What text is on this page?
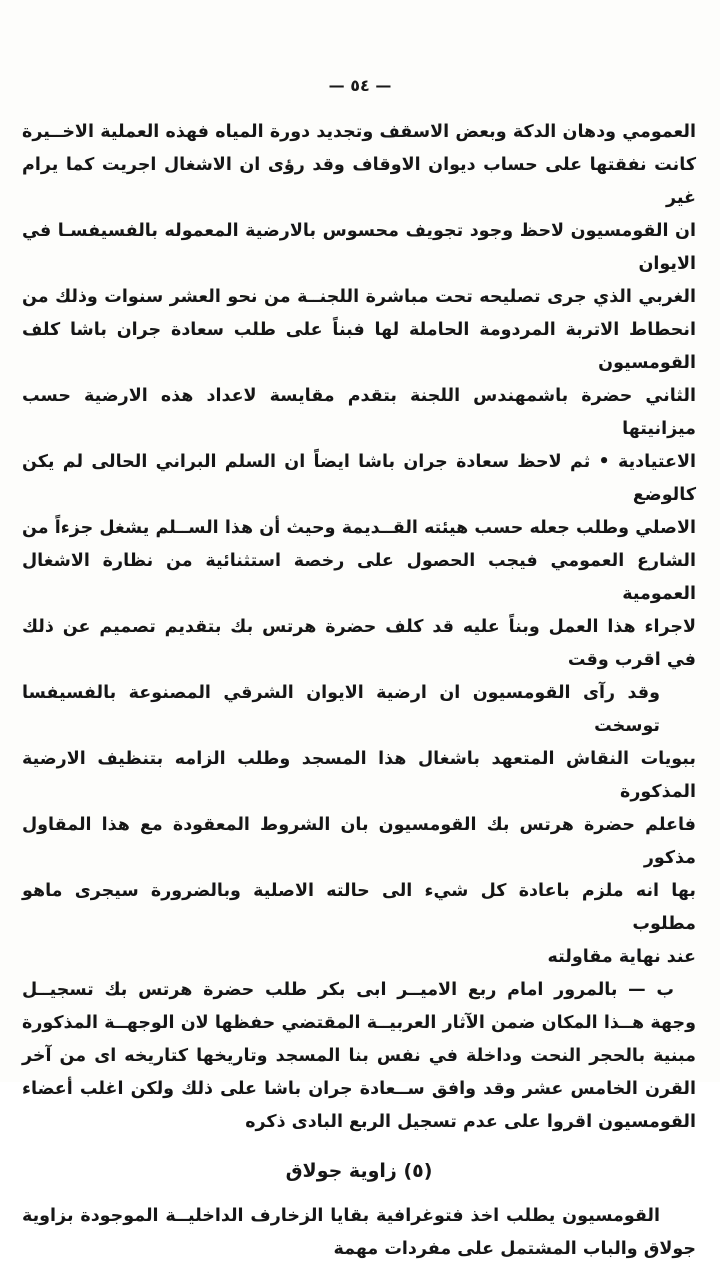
— ٥٤ —
العمومي ودهان الدكة وبعض الاسقف وتجديد دورة المياه فهذه العملية الاخــيرة
كانت نفقتها على حساب ديوان الاوقاف وقد رؤى ان الاشغال اجريت كما يرام غير
ان القومسيون لاحظ وجود تجويف محسوس بالارضية المعموله بالفسيفسـا في الايوان
الغربي الذي جرى تصليحه تحت مباشرة اللجنــة من نحو العشر سنوات وذلك من
انحطاط الاتربة المردومة الحاملة لها فبناً على طلب سعادة جران باشا كلف القومسيون
الثاني حضرة باشمهندس اللجنة بتقدم مقايسة لاعداد هذه الارضية حسب ميزانيتها
الاعتيادية • ثم لاحظ سعادة جران باشا ايضاً ان السلم البراني الحالى لم يكن كالوضع
الاصلي وطلب جعله حسب هيئته القــديمة وحيث أن هذا الســلم يشغل جزءاً من
الشارع العمومي فيجب الحصول على رخصة استثنائية من نظارة الاشغال العمومية
لاجراء هذا العمل وبناً عليه قد كلف حضرة هرتس بك بتقديم تصميم عن ذلك
في اقرب وقت
وقد رآى القومسيون ان ارضية الايوان الشرقي المصنوعة بالفسيفسا توسخت
ببويات النقاش المتعهد باشغال هذا المسجد وطلب الزامه بتنظيف الارضية المذكورة
فاعلم حضرة هرتس بك القومسيون بان الشروط المعقودة مع هذا المقاول مذكور
بها انه ملزم باعادة كل شيء الى حالته الاصلية وبالضرورة سيجرى ماهو مطلوب
عند نهاية مقاولته
ب — بالمرور امام ربع الاميــر ابى بكر طلب حضرة هرتس بك تسجيــل
وجهة هــذا المكان ضمن الآثار العربيــة المقتضي حفظها لان الوجهــة المذكورة
مبنية بالحجر النحت وداخلة في نفس بنا المسجد وتاريخها كتاريخه اى من آخر
القرن الخامس عشر وقد وافق ســعادة جران باشا على ذلك ولكن اغلب أعضاء
القومسيون اقروا على عدم تسجيل الربع البادى ذكره
(٥) زاوية جولاق
القومسيون يطلب اخذ فتوغرافية بقايا الزخارف الداخليــة الموجودة بزاوية
جولاق والباب المشتمل على مفردات مهمة
